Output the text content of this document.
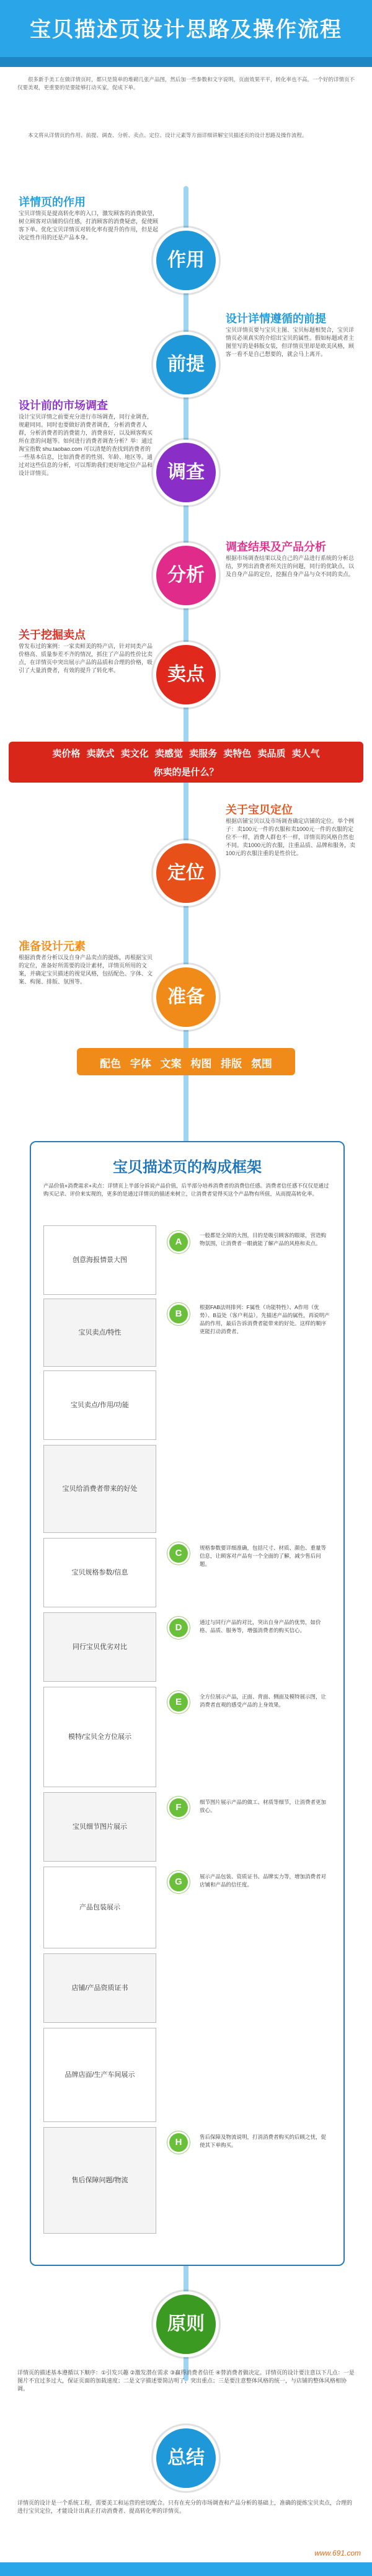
宝贝描述页设计思路及操作流程
很多新手美工在做详情页时，都只是简单的堆砌几张产品图，然后加一些参数和文字说明，页面效果平平，转化率也不高。一个好的详情页不仅要美观，更重要的是要能够打动买家，促成下单。
本文将从详情页的作用、前提、调查、分析、卖点、定位、设计元素等方面详细讲解宝贝描述页的设计思路及操作流程。
详情页的作用
宝贝详情页是提高转化率的入口，激发顾客的消费欲望，树立顾客对店铺的信任感，打消顾客的消费疑虑，促使顾客下单。优化宝贝详情页对转化率有提升的作用，但是起决定性作用的还是产品本身。
作用
设计详情遵循的前提
宝贝详情页要与宝贝主图、宝贝标题相契合，宝贝详情页必须真实的介绍出宝贝的属性。假如标题或者主图里写的是韩版女装，但详情页里却是欧美风格，顾客一看不是自己想要的，就会马上离开。
前提
设计前的市场调查
设计宝贝详情之前要充分进行市场调查，同行业调查，规避同同。同时也要做好消费者调查，分析消费者人群，分析消费者的消费能力，消费喜好，以及顾客购买所在意的问题等。如何进行消费者调查分析？举：通过淘宝指数 shu.taobao.com 可以清楚的查找到消费者的一些基本信息，比如消费者的性别、年龄、地区等。通过对这些信息的分析，可以帮助我们更好地定位产品和设计详情页。	调查
调查结果及产品分析
根据市场调查结果以及自己的产品进行系统的分析总结，罗列出消费者所关注的问题，同行的优缺点，以及自身产品的定位，挖掘自身产品与众不同的卖点。
分析
关于挖掘卖点
曾发布过的案例：一家卖鲜美的特产店，针对同类产品价格高、质量参差不齐的情况，抓住了产品的性价比卖点，在详情页中突出展示产品的品质和合理的价格，吸引了大量消费者，有效的提升了转化率。	卖点
卖价格 卖款式 卖文化 卖感觉 卖服务 卖特色 卖品质 卖人气
你卖的是什么？
关于宝贝定位
根据店铺宝贝以及市场调查确定店铺的定位。举个例子：卖100元一件的衣服和卖1000元一件的衣服的定位不一样，消费人群也不一样，详情页的风格自然也不同。卖1000元的衣服，注重品质、品牌和服务，卖100元的衣服注重的是性价比。
定位
准备设计元素
根据消费者分析以及自身产品卖点的提炼，再根据宝贝的定位，准备好所需要的设计素材，详情页所用的文案，并确定宝贝描述的视觉风格，包括配色、字体、文案、构图、排版、氛围等。
准备
配色 字体 文案 构图 排版 氛围
宝贝描述页的构成框架
产品价值+消费需求+卖点：详情页上半部分诉说产品价值，后半部分培养消费者的消费信任感。消费者信任感不仅仅是通过购买记录、评价来实现的，更多的是通过详情页的描述来树立，让消费者觉得买这个产品物有所值，从而提高转化率。
创意海报情景大图
宝贝卖点/特性
宝贝卖点/作用/功能
宝贝给消费者带来的好处
宝贝规格参数/信息
同行宝贝优劣对比
模特/宝贝全方位展示
宝贝细节图片展示
产品包装展示
店铺/产品资质证书
品牌店面/生产车间展示
售后保障问题/物流
A
一般都是全屏的大图，目的是吸引顾客的眼球，营造购物氛围，让消费者一眼就能了解产品的风格和卖点。
B
根据FAB法则排列：F属性（功能特性）、A作用（优势）、B益处（客户利益）。先描述产品的属性，再说明产品的作用，最后告诉消费者能带来的好处。这样的顺序更能打动消费者。
C	规格参数要详细准确，包括尺寸、材质、颜色、重量等信息，让顾客对产品有一个全面的了解，减少售后问题。
D	通过与同行产品的对比，突出自身产品的优势，如价格、品质、服务等，增强消费者的购买信心。
E	全方位展示产品，正面、背面、侧面及模特展示图，让消费者直观的感受产品的上身效果。
F	细节图片展示产品的做工、材质等细节，让消费者更加放心。
G	展示产品包装、资质证书、品牌实力等，增加消费者对店铺和产品的信任度。
H	售后保障及物流说明，打消消费者购买的后顾之忧，促使其下单购买。
原则
详情页的描述基本遵循以下顺序：①引发兴趣 ②激发潜在需求 ③赢得消费者信任 ④替消费者做决定。详情页的设计要注意以下几点：一是图片不宜过多过大，保证页面的加载速度；二是文字描述要简洁明了，突出重点；三是要注意整体风格的统一，与店铺的整体风格相协调。
总结
详情页的设计是一个系统工程，需要美工和运营的密切配合。只有在充分的市场调查和产品分析的基础上，准确的提炼宝贝卖点，合理的进行宝贝定位，才能设计出真正打动消费者、提高转化率的详情页。
www.691.com
